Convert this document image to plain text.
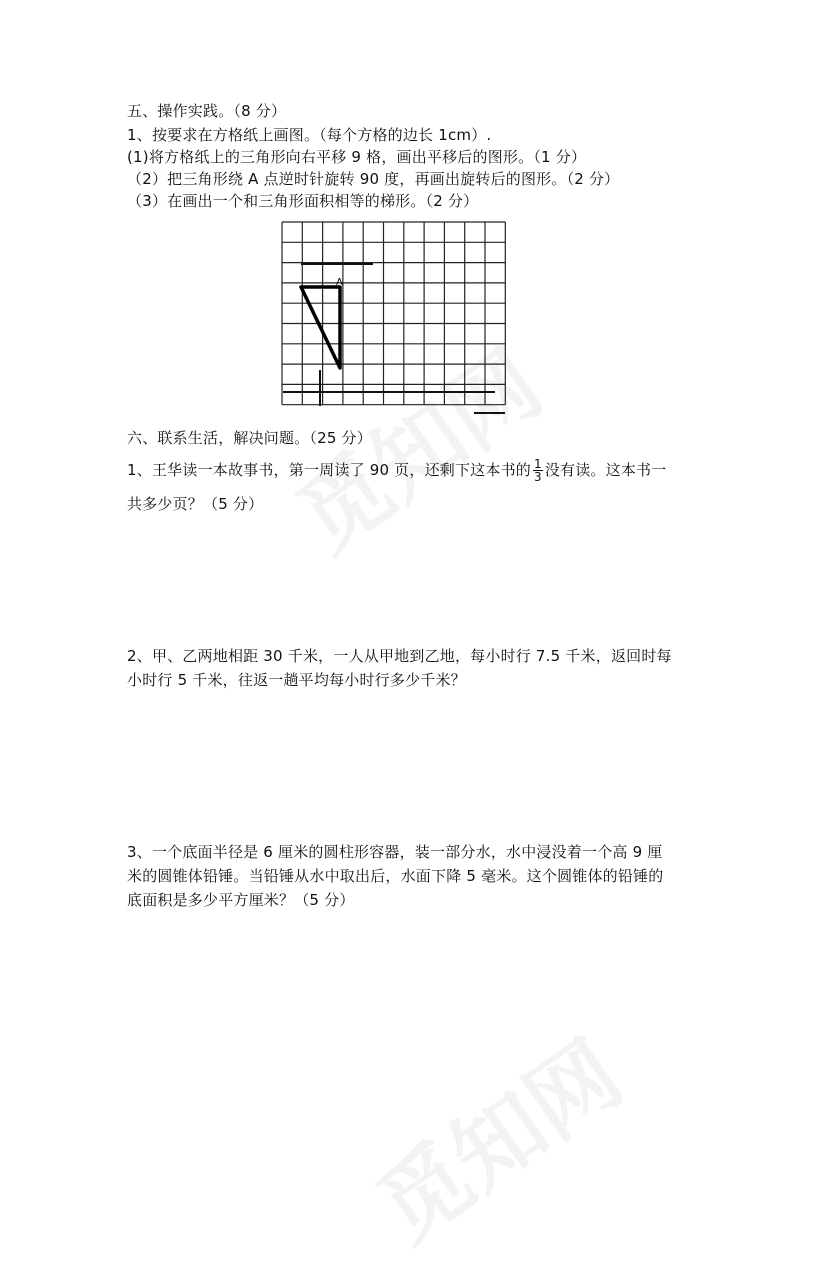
五、操作实践。（8 分）
1、按要求在方格纸上画图。（每个方格的边长 1cm）.
(1)将方格纸上的三角形向右平移 9 格，画出平移后的图形。（1 分）
（2）把三角形绕 A 点逆时针旋转 90 度，再画出旋转后的图形。（2 分）
（3）在画出一个和三角形面积相等的梯形。（2 分）
A
六、联系生活，解决问题。（25 分）
1、王华读一本故事书，第一周读了 90 页，还剩下这本书的 $\frac{1}{3}$ 没有读。这本书一
共多少页？（5 分）
2、甲、乙两地相距 30 千米，一人从甲地到乙地，每小时行 7.5 千米，返回时每
小时行 5 千米，往返一趟平均每小时行多少千米？
3、一个底面半径是 6 厘米的圆柱形容器，装一部分水，水中浸没着一个高 9 厘
米的圆锥体铅锤。当铅锤从水中取出后，水面下降 5 毫米。这个圆锥体的铅锤的
底面积是多少平方厘米？（5 分）
